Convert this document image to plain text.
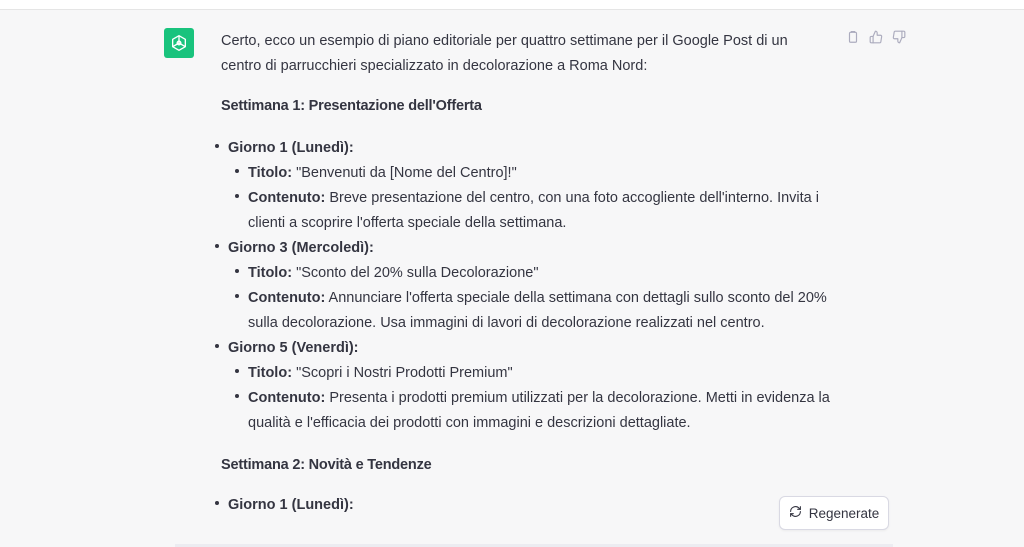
Certo, ecco un esempio di piano editoriale per quattro settimane per il Google Post di un centro di parrucchieri specializzato in decolorazione a Roma Nord:

Settimana 1: Presentazione dell'Offerta

Giorno 1 (Lunedì):
Titolo: "Benvenuti da [Nome del Centro]!"
Contenuto: Breve presentazione del centro, con una foto accogliente dell'interno. Invita i clienti a scoprire l'offerta speciale della settimana.
Giorno 3 (Mercoledì):
Titolo: "Sconto del 20% sulla Decolorazione"
Contenuto: Annunciare l'offerta speciale della settimana con dettagli sullo sconto del 20% sulla decolorazione. Usa immagini di lavori di decolorazione realizzati nel centro.
Giorno 5 (Venerdì):
Titolo: "Scopri i Nostri Prodotti Premium"
Contenuto: Presenta i prodotti premium utilizzati per la decolorazione. Metti in evidenza la qualità e l'efficacia dei prodotti con immagini e descrizioni dettagliate.

Settimana 2: Novità e Tendenze

Giorno 1 (Lunedì):	Regenerate
